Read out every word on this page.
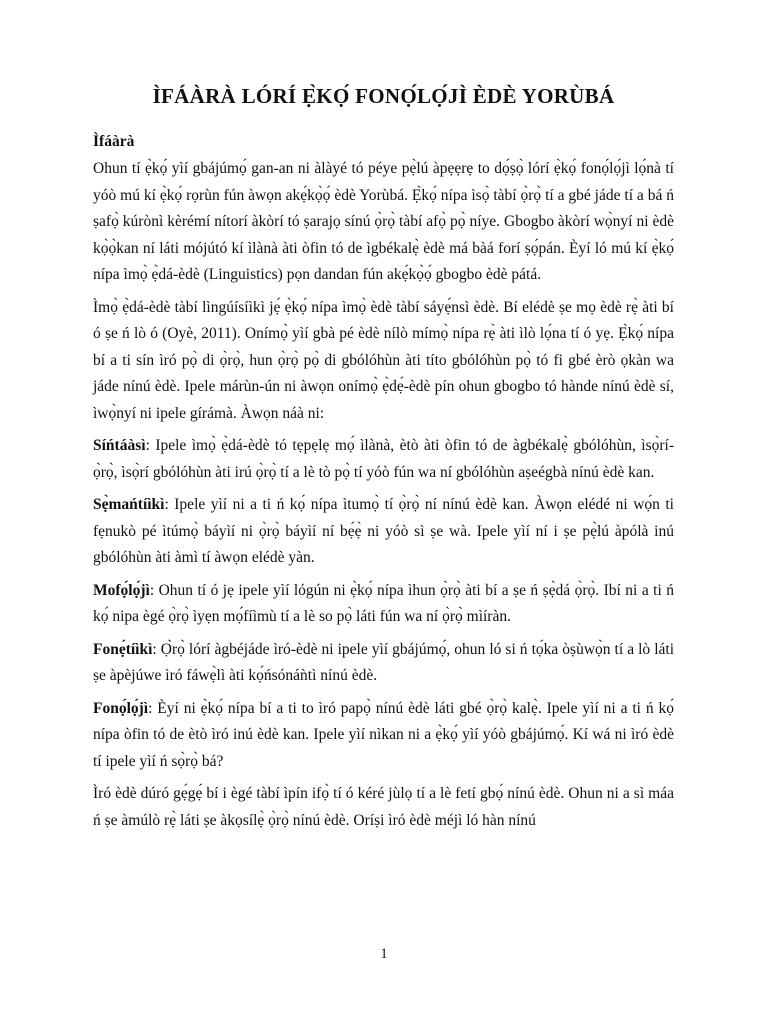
ÌFÁÀRÀ LÓRÍ Ẹ̀KỌ́ FONỌ́LỌ́JÌ ÈDÈ YORÙBÁ
Ìfáàrà

Ohun tí ẹ̀kọ́ yìí gbájúmọ́ gan-an ni àlàyé tó péye pẹ̀lú àpẹẹrẹ to dọ́ṣọ̀ lórí ẹ̀kọ́ fonọ́lọ́jì lọ́nà tí yóò mú kí ẹ̀kọ́ rọrùn fún àwọn akẹ́kọ̀ọ́ èdè Yorùbá. Ẹ̀kọ́ nípa ìsọ̀ tàbí ọ̀rọ̀ tí a gbé jáde tí a bá ń ṣafọ̀ kúrònì kèrémí nítorí àkòrí tó ṣarajọ sínú ọ̀rọ̀ tàbí afọ̀ pọ̀ níye. Gbogbo àkòrí wọ̀nyí ni èdè kọ̀ọ̀kan ní láti mójútó kí ìlànà àti òfin tó de ìgbékalẹ̀ èdè má bàá forí ṣọ́pán. Èyí ló mú kí ẹ̀kọ́ nípa ìmọ̀ ẹ̀dá-èdè (Linguistics) pọn dandan fún akẹ́kọ̀ọ́ gbogbo èdè pátá.

Ìmọ̀ ẹ̀dá-èdè tàbí lìngúísíìkì jẹ́ ẹ̀kọ́ nípa ìmọ̀ èdè tàbí sáyẹ́nsì èdè. Bí elédè ṣe mọ èdè rẹ̀ àti bí ó ṣe ń lò ó (Oyè, 2011). Onímọ̀ yìí gbà pé èdè nílò mímọ̀ nípa rẹ̀ àti ìlò lọ́na tí ó yẹ. Ẹ̀kọ́ nípa bí a ti sín ìró pọ̀ di ọ̀rọ̀, hun ọ̀rọ̀ pọ̀ di gbólóhùn àti títo gbólóhùn pọ̀ tó fi gbé èrò ọkàn wa jáde nínú èdè. Ipele márùn-ún ni àwọn onímọ̀ ẹ̀dẹ́-èdè pín ohun gbogbo tó hànde nínú èdè sí, ìwọ̀nyí ni ipele gírámà. Àwọn náà ni:

Síńtáàsì: Ipele ìmọ̀ ẹ̀dá-èdè tó tẹpẹlẹ mọ́ ìlànà, ètò àti òfin tó de àgbékalẹ̀ gbólóhùn, ìsọ̀rí-ọ̀rọ̀, ìsọ̀rí gbólóhùn àti irú ọ̀rọ̀ tí a lè tò pọ̀ tí yóò fún wa ní gbólóhùn aṣeégbà nínú èdè kan.

Sẹ̀mańtíìkì: Ipele yìí ni a ti ń kọ́ nípa ìtumọ̀ tí ọ̀rọ̀ ní nínú èdè kan. Àwọn elédé ni wọ́n ti fẹnukò pé ìtúmọ̀ báyìí ni ọ̀rọ̀ báyìí ní bẹ́ẹ̀ ni yóò sì ṣe wà. Ipele yìí ní i ṣe pẹ̀lú àpólà inú gbólóhùn àti àmì tí àwọn elédè yàn.

Mofọ́lọ́jì: Ohun tí ó jẹ ipele yìí lógún ni ẹ̀kọ́ nípa ìhun ọ̀rọ̀ àti bí a ṣe ń ṣẹ̀dá ọ̀rọ̀. Ibí ni a ti ń kọ́ nipa ègé ọ̀rọ̀ ìyẹn mọ́fíìmù tí a lè so pọ̀ láti fún wa ní ọ̀rọ̀ mìíràn.

Fonẹ́tíìkì: Ọ̀rọ̀ lórí àgbéjáde ìró-èdè ni ipele yìí gbájúmọ́, ohun ló si ń tọ́ka òṣùwọ̀n tí a lò láti ṣe àpèjúwe ìró fáwẹ̀lì àti kọ́ńsónáǹtì nínú èdè.

Fonọ́lọ́jì: Èyí ni ẹ̀kọ́ nípa bí a ti to ìró papọ̀ nínú èdè láti gbé ọ̀rọ̀ kalẹ̀. Ipele yìí ni a ti ń kọ́ nípa òfin tó de ètò ìró inú èdè kan. Ipele yìí nìkan ni a ẹ̀kọ́ yìí yóò gbájúmọ́. Kí wá ni ìró èdè tí ipele yìí ń sọ̀rọ̀ bá?

Ìró èdè dúró gẹ́gẹ́ bí i ègé tàbí ìpín ifọ̀ tí ó kéré jùlọ tí a lè fetí gbọ́ nínú èdè. Ohun ni a sì máa ń ṣe àmúlò rẹ̀ láti ṣe àkọsílẹ̀ ọ̀rọ̀ nínú èdè. Oríṣi ìró èdè méjì ló hàn nínú

1
